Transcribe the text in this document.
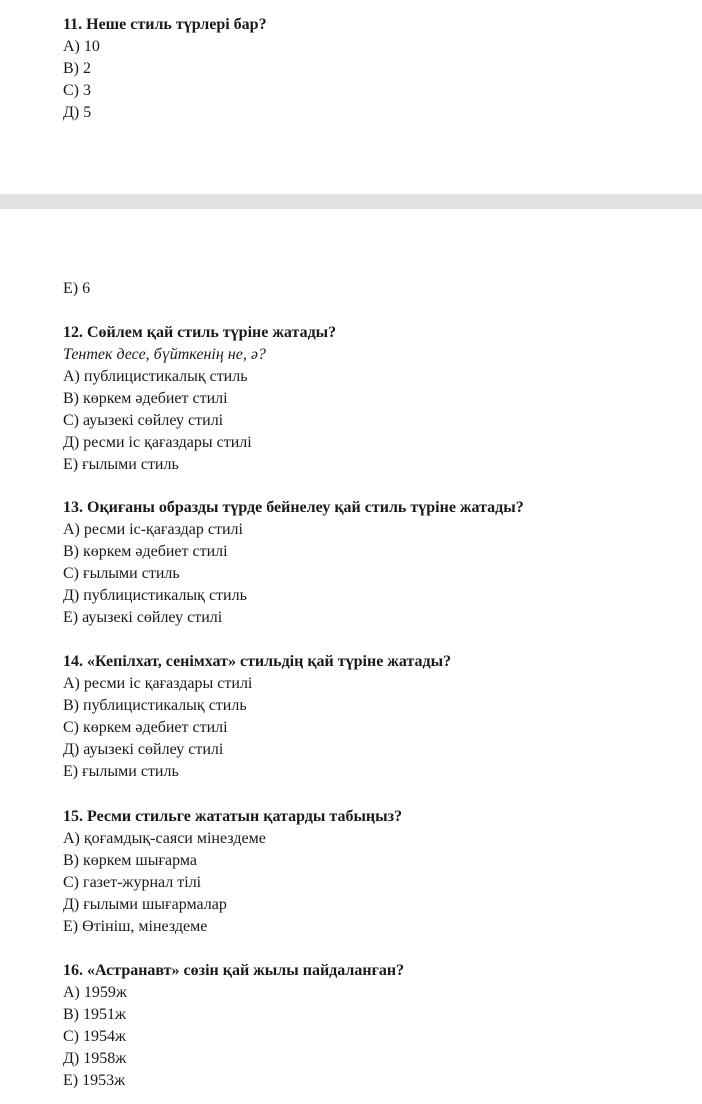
11. Неше стиль түрлері бар?
A) 10
B) 2
C) 3
Д) 5
E) 6
12. Сөйлем қай стиль түріне жатады?
Тентек десе, бүйткенің не, ә?
A) публицистикалық стиль
B) көркем әдебиет стилі
C) ауызекі сөйлеу стилі
Д) ресми іс қағаздары стилі
E) ғылыми стиль
13. Оқиғаны образды түрде бейнелеу қай стиль түріне жатады?
A) ресми іс-қағаздар стилі
B) көркем әдебиет стилі
C) ғылыми стиль
Д) публицистикалық стиль
E) ауызекі сөйлеу стилі
14. «Кепілхат, сенімхат» стильдің қай түріне жатады?
A) ресми іс қағаздары стилі
B) публицистикалық стиль
C) көркем әдебиет стилі
Д) ауызекі сөйлеу стилі
E) ғылыми стиль
15. Ресми стильге жататын қатарды табыңыз?
A) қоғамдық-саяси мінездеме
B) көркем шығарма
C) газет-журнал тілі
Д) ғылыми шығармалар
E) Өтініш, мінездеме
16. «Астранавт» сөзін қай жылы пайдаланған?
A) 1959ж
B) 1951ж
C) 1954ж
Д) 1958ж
E) 1953ж
